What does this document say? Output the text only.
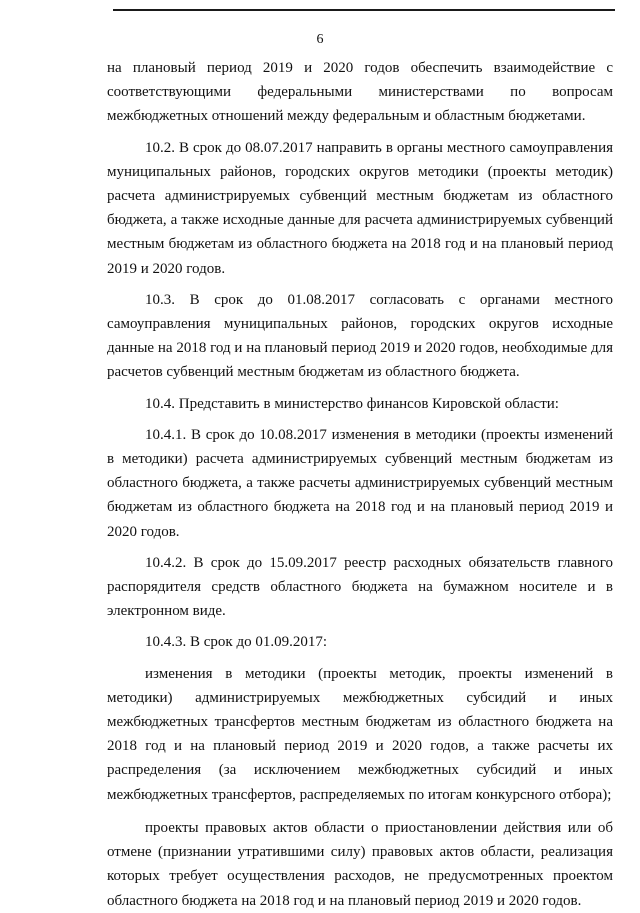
6

на плановый период 2019 и 2020 годов обеспечить взаимодействие с соответствующими федеральными министерствами по вопросам межбюджетных отношений между федеральным и областным бюджетами.

10.2. В срок до 08.07.2017 направить в органы местного самоуправления муниципальных районов, городских округов методики (проекты методик) расчета администрируемых субвенций местным бюджетам из областного бюджета, а также исходные данные для расчета администрируемых субвенций местным бюджетам из областного бюджета на 2018 год и на плановый период 2019 и 2020 годов.

10.3. В срок до 01.08.2017 согласовать с органами местного самоуправления муниципальных районов, городских округов исходные данные на 2018 год и на плановый период 2019 и 2020 годов, необходимые для расчетов субвенций местным бюджетам из областного бюджета.

10.4. Представить в министерство финансов Кировской области:

10.4.1. В срок до 10.08.2017 изменения в методики (проекты изменений в методики) расчета администрируемых субвенций местным бюджетам из областного бюджета, а также расчеты администрируемых субвенций местным бюджетам из областного бюджета на 2018 год и на плановый период 2019 и 2020 годов.

10.4.2. В срок до 15.09.2017 реестр расходных обязательств главного распорядителя средств областного бюджета на бумажном носителе и в электронном виде.

10.4.3. В срок до 01.09.2017:

изменения в методики (проекты методик, проекты изменений в методики) администрируемых межбюджетных субсидий и иных межбюджетных трансфертов местным бюджетам из областного бюджета на 2018 год и на плановый период 2019 и 2020 годов, а также расчеты их распределения (за исключением межбюджетных субсидий и иных межбюджетных трансфертов, распределяемых по итогам конкурсного отбора);

проекты правовых актов области о приостановлении действия или об отмене (признании утратившими силу) правовых актов области, реализация которых требует осуществления расходов, не предусмотренных проектом областного бюджета на 2018 год и на плановый период 2019 и 2020 годов.
